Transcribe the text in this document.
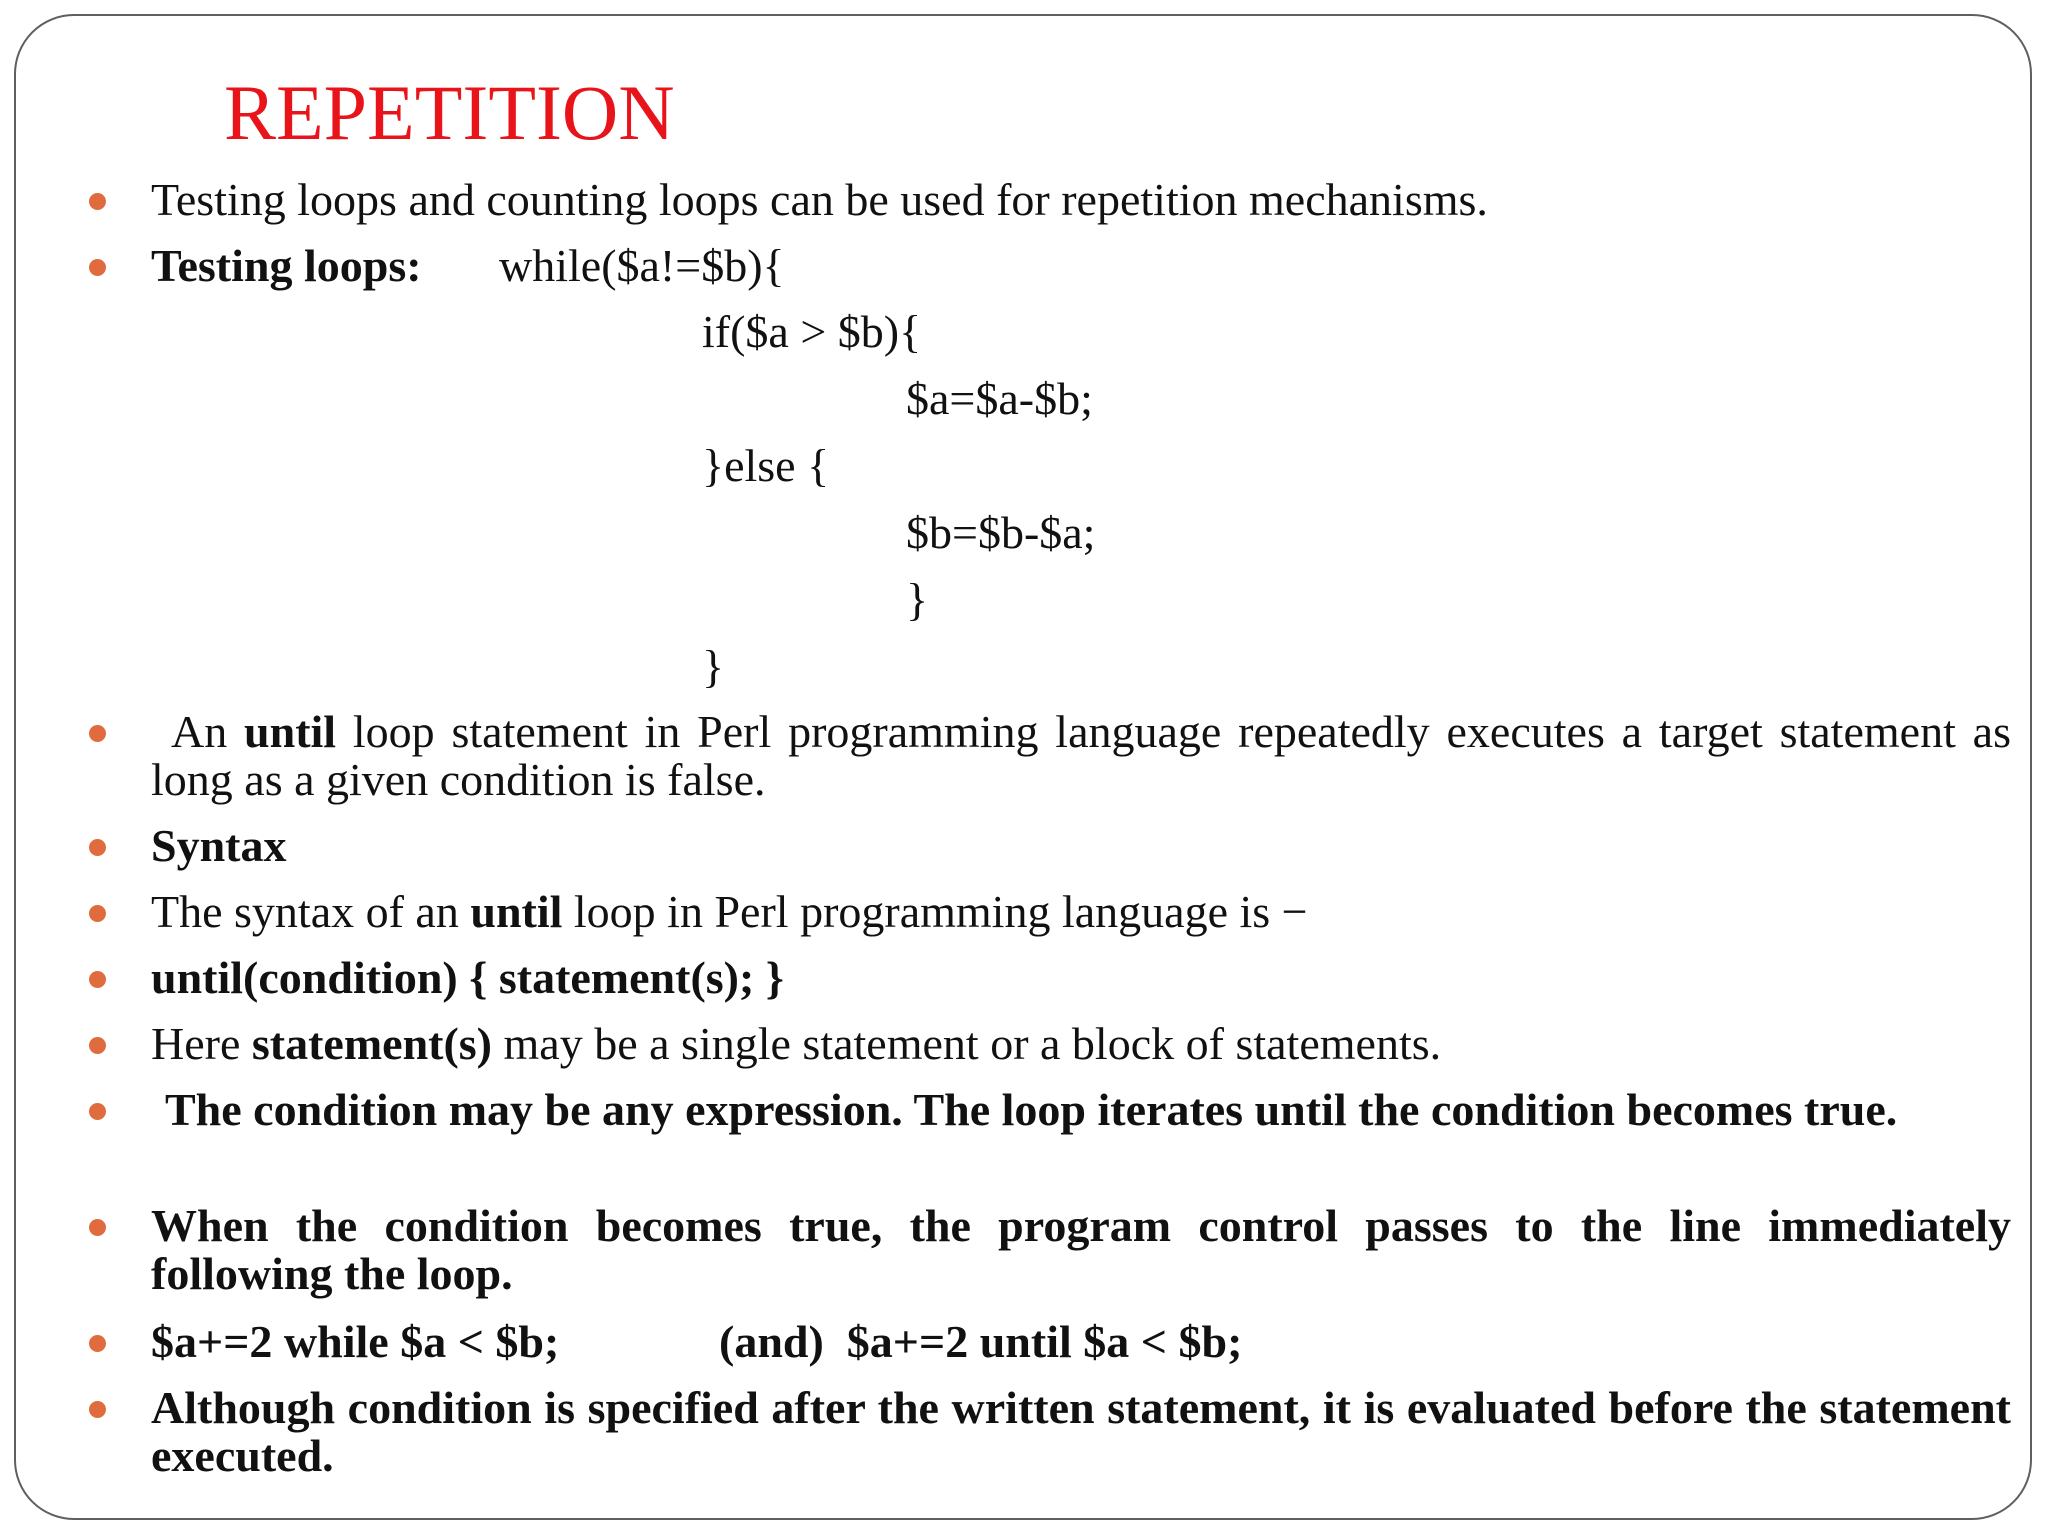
REPETITION
Testing loops and counting loops can be used for repetition mechanisms.
Testing loops: while($a!=$b){
if($a > $b){
$a=$a-$b;
}else {
$b=$b-$a;
}
}
An until loop statement in Perl programming language repeatedly executes a target statement as long as a given condition is false.
Syntax
The syntax of an until loop in Perl programming language is −
until(condition) { statement(s); }
Here statement(s) may be a single statement or a block of statements.
The condition may be any expression. The loop iterates until the condition becomes true.
When the condition becomes true, the program control passes to the line immediately following the loop.
$a+=2 while $a < $b;	(and)  $a+=2 until $a < $b;
Although condition is specified after the written statement, it is evaluated before the statement executed.
